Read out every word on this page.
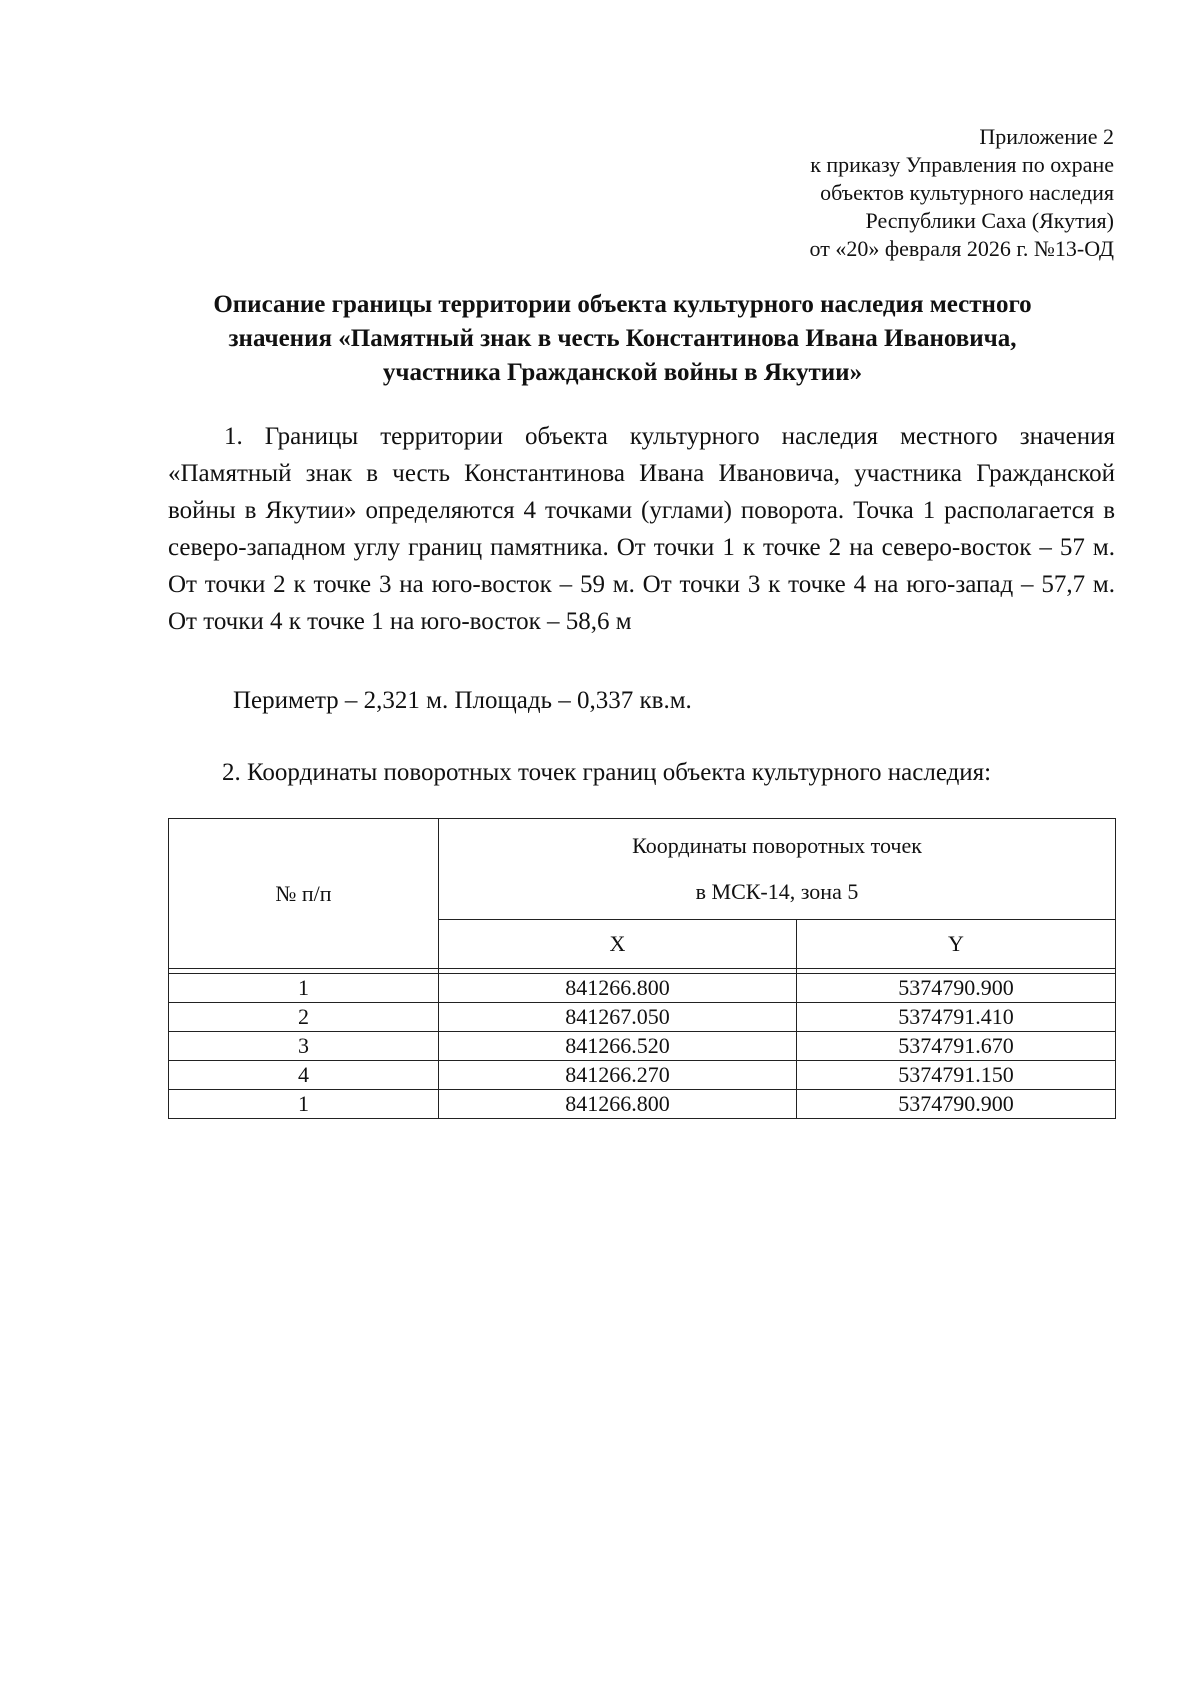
Приложение 2
к приказу Управления по охране
объектов культурного наследия
Республики Саха (Якутия)
от «20» февраля 2026 г. №13-ОД
Описание границы территории объекта культурного наследия местного
значения «Памятный знак в честь Константинова Ивана Ивановича,
участника Гражданской войны в Якутии»
1. Границы территории объекта культурного наследия местного значения «Памятный знак в честь Константинова Ивана Ивановича, участника Гражданской войны в Якутии» определяются 4 точками (углами) поворота. Точка 1 располагается в северо-западном углу границ памятника. От точки 1 к точке 2 на северо-восток – 57 м. От точки 2 к точке 3 на юго-восток – 59 м. От точки 3 к точке 4 на юго-запад – 57,7 м. От точки 4 к точке 1 на юго-восток – 58,6 м
Периметр – 2,321 м. Площадь – 0,337 кв.м.
2. Координаты поворотных точек границ объекта культурного наследия:
№ п/п	Координаты поворотных точек
в МСК-14, зона 5	

	X	Y

1	841266.800	5374790.900
2	841267.050	5374791.410
3	841266.520	5374791.670
4	841266.270	5374791.150
1	841266.800	5374790.900
